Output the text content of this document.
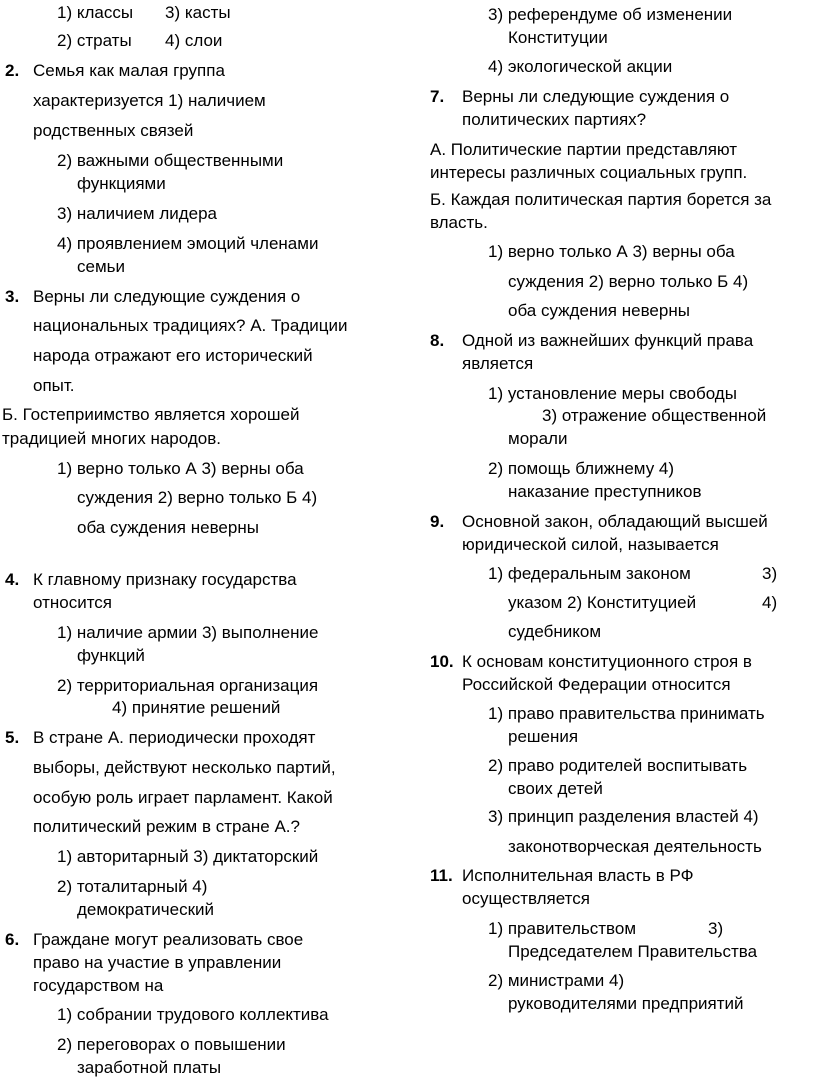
1) классы 3) касты
2) страты 4) слои
2. Семья как малая группа
характеризуется 1) наличием
родственных связей
2) важными общественными
функциями
3) наличием лидера
4) проявлением эмоций членами
семьи
3. Верны ли следующие суждения о
национальных традициях? А. Традиции
народа отражают его исторический
опыт.
Б. Гостеприимство является хорошей
традицией многих народов.
1) верно только А 3) верны оба
суждения 2) верно только Б 4)
оба суждения неверны
4. К главному признаку государства
относится
1) наличие армии 3) выполнение
функций
2) территориальная организация
4) принятие решений
5. В стране А. периодически проходят
выборы, действуют несколько партий,
особую роль играет парламент. Какой
политический режим в стране А.?
1) авторитарный 3) диктаторский
2) тоталитарный 4)
демократический
6. Граждане могут реализовать свое
право на участие в управлении
государством на
1) собрании трудового коллектива
2) переговорах о повышении
заработной платы
3) референдуме об изменении
Конституции
4) экологической акции
7. Верны ли следующие суждения о
политических партиях?
А. Политические партии представляют
интересы различных социальных групп.
Б. Каждая политическая партия борется за
власть.
1) верно только А 3) верны оба
суждения 2) верно только Б 4)
оба суждения неверны
8. Одной из важнейших функций права
является
1) установление меры свободы
3) отражение общественной
морали
2) помощь ближнему 4)
наказание преступников
9. Основной закон, обладающий высшей
юридической силой, называется
1) федеральным законом	3)
указом 2) Конституцией	4)
судебником
10. К основам конституционного строя в
Российской Федерации относится
1) право правительства принимать
решения
2) право родителей воспитывать
своих детей
3) принцип разделения властей 4)
законотворческая деятельность
11. Исполнительная власть в РФ
осуществляется
1) правительством	3)
Председателем Правительства
2) министрами 4)
руководителями предприятий
